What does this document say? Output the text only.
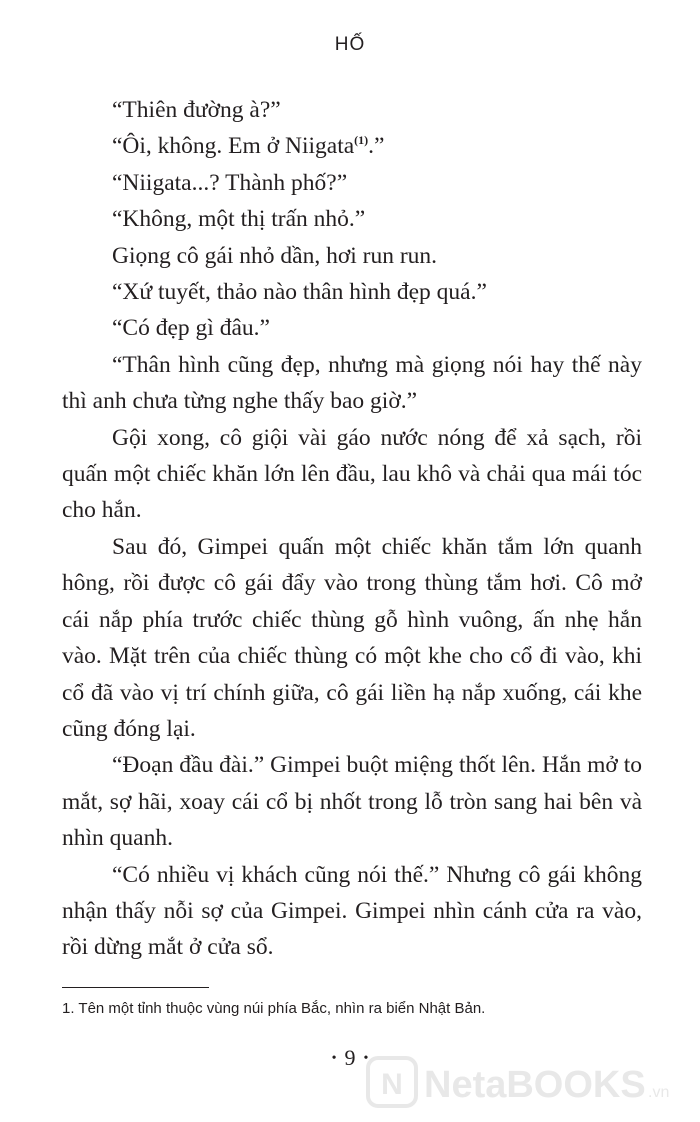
HỐ

“Thiên đường à?”

“Ôi, không. Em ở Niigata$^{(1)}$.”

“Niigata...? Thành phố?”

“Không, một thị trấn nhỏ.”

Giọng cô gái nhỏ dần, hơi run run.

“Xứ tuyết, thảo nào thân hình đẹp quá.”

“Có đẹp gì đâu.”

“Thân hình cũng đẹp, nhưng mà giọng nói hay thế này thì anh chưa từng nghe thấy bao giờ.”

Gội xong, cô giội vài gáo nước nóng để xả sạch, rồi quấn một chiếc khăn lớn lên đầu, lau khô và chải qua mái tóc cho hắn.

Sau đó, Gimpei quấn một chiếc khăn tắm lớn quanh hông, rồi được cô gái đẩy vào trong thùng tắm hơi. Cô mở cái nắp phía trước chiếc thùng gỗ hình vuông, ấn nhẹ hắn vào. Mặt trên của chiếc thùng có một khe cho cổ đi vào, khi cổ đã vào vị trí chính giữa, cô gái liền hạ nắp xuống, cái khe cũng đóng lại.

“Đoạn đầu đài.” Gimpei buột miệng thốt lên. Hắn mở to mắt, sợ hãi, xoay cái cổ bị nhốt trong lỗ tròn sang hai bên và nhìn quanh.

“Có nhiều vị khách cũng nói thế.” Nhưng cô gái không nhận thấy nỗi sợ của Gimpei. Gimpei nhìn cánh cửa ra vào, rồi dừng mắt ở cửa sổ.

1. Tên một tỉnh thuộc vùng núi phía Bắc, nhìn ra biển Nhật Bản.
• 9 •
N NetaBOOKS .vn
